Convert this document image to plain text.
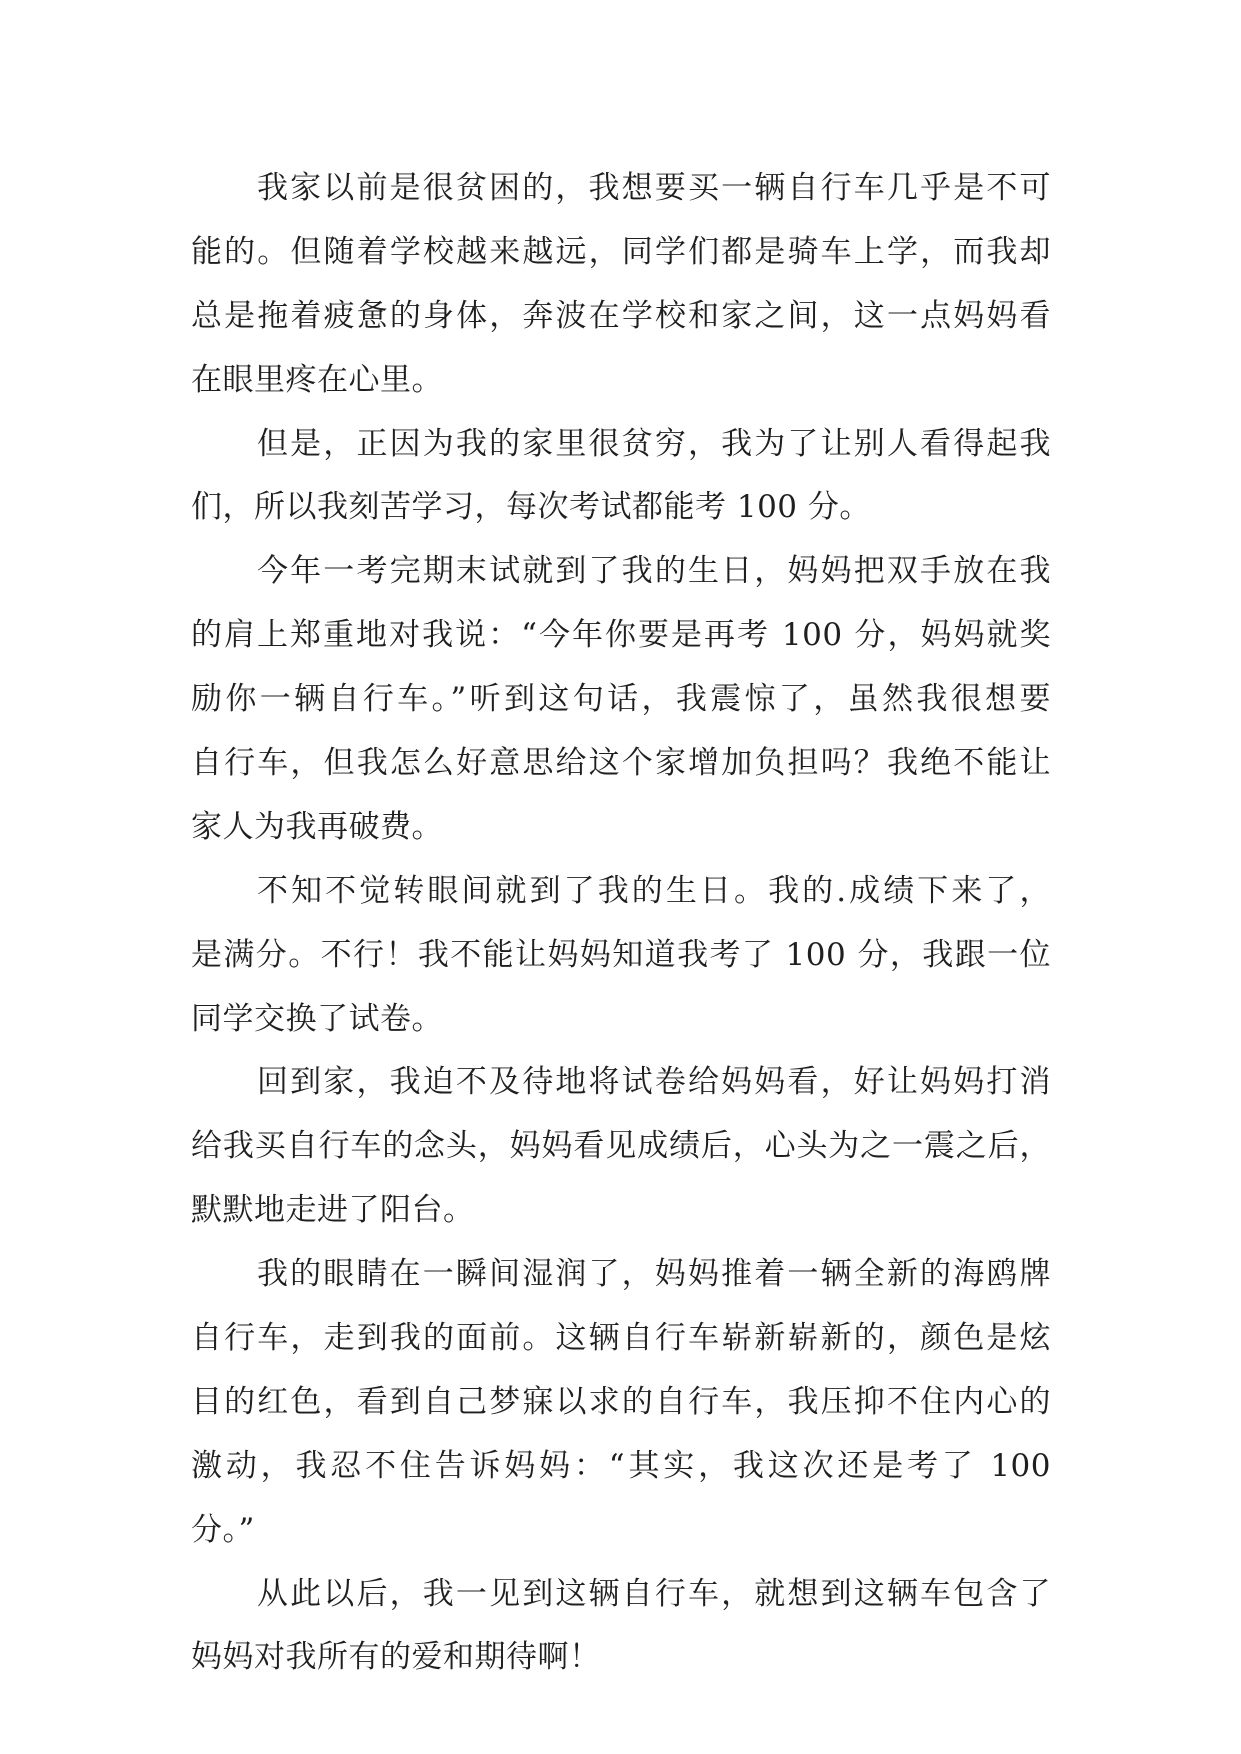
我家以前是很贫困的，我想要买一辆自行车几乎是不可
能的。但随着学校越来越远，同学们都是骑车上学，而我却
总是拖着疲惫的身体，奔波在学校和家之间，这一点妈妈看
在眼里疼在心里。
但是，正因为我的家里很贫穷，我为了让别人看得起我
们，所以我刻苦学习，每次考试都能考 100 分。
今年一考完期末试就到了我的生日，妈妈把双手放在我
的肩上郑重地对我说：“今年你要是再考 100 分，妈妈就奖
励你一辆自行车。”听到这句话，我震惊了，虽然我很想要
自行车，但我怎么好意思给这个家增加负担吗？我绝不能让
家人为我再破费。
不知不觉转眼间就到了我的生日。我的.成绩下来了，
是满分。不行！我不能让妈妈知道我考了 100 分，我跟一位
同学交换了试卷。
回到家，我迫不及待地将试卷给妈妈看，好让妈妈打消
给我买自行车的念头，妈妈看见成绩后，心头为之一震之后，
默默地走进了阳台。
我的眼睛在一瞬间湿润了，妈妈推着一辆全新的海鸥牌
自行车，走到我的面前。这辆自行车崭新崭新的，颜色是炫
目的红色，看到自己梦寐以求的自行车，我压抑不住内心的
激动，我忍不住告诉妈妈：“其实，我这次还是考了 100
分。”
从此以后，我一见到这辆自行车，就想到这辆车包含了
妈妈对我所有的爱和期待啊！
